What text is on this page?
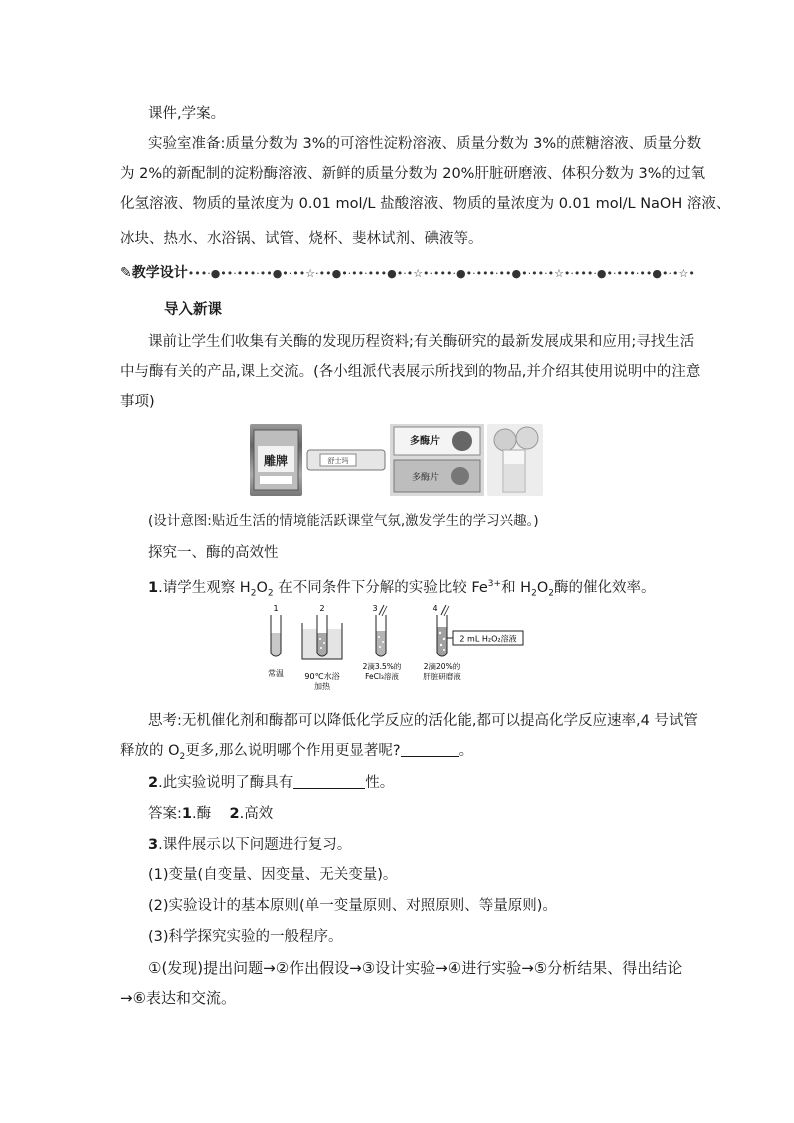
课件,学案。

实验室准备:质量分数为 3%的可溶性淀粉溶液、质量分数为 3%的蔗糖溶液、质量分数

为 2%的新配制的淀粉酶溶液、新鲜的质量分数为 20%肝脏研磨液、体积分数为 3%的过氧

化氢溶液、物质的量浓度为 0.01 mol/L 盐酸溶液、物质的量浓度为 0.01 mol/L NaOH 溶液、

冰块、热水、水浴锅、试管、烧杯、斐林试剂、碘液等。

✎教学设计•••·●••·•••·••●•·••☆·••●•·••·•••●•·•☆•·•••·●•·•••·••●•·••·•☆•·•••·●•·•••·••●•·•☆•

导入新课

课前让学生们收集有关酶的发现历程资料;有关酶研究的最新发展成果和应用;寻找生活

中与酶有关的产品,课上交流。(各小组派代表展示所找到的物品,并介绍其使用说明中的注意

事项)

雕牌	舒士玛
多酶片
多酶片

(设计意图:贴近生活的情境能活跃课堂气氛,激发学生的学习兴趣。)

探究一、酶的高效性

1.请学生观察 $H_2O_2$ 在不同条件下分解的实验比较 $Fe^{3+}$和 $H_2O_2$酶的催化效率。

1
常温
2
90℃水浴
加热
3
2滴3.5%的
FeCl₃溶液
4
2 mL H₂O₂溶液
2滴20%的
肝脏研磨液

思考:无机催化剂和酶都可以降低化学反应的活化能,都可以提高化学反应速率,4 号试管

释放的 $O_2$更多,那么说明哪个作用更显著呢?	。

2.此实验说明了酶具有	性。

答案:1.酶 2.高效

3.课件展示以下问题进行复习。

(1)变量(自变量、因变量、无关变量)。

(2)实验设计的基本原则(单一变量原则、对照原则、等量原则)。

(3)科学探究实验的一般程序。

①(发现)提出问题→②作出假设→③设计实验→④进行实验→⑤分析结果、得出结论

→⑥表达和交流。
